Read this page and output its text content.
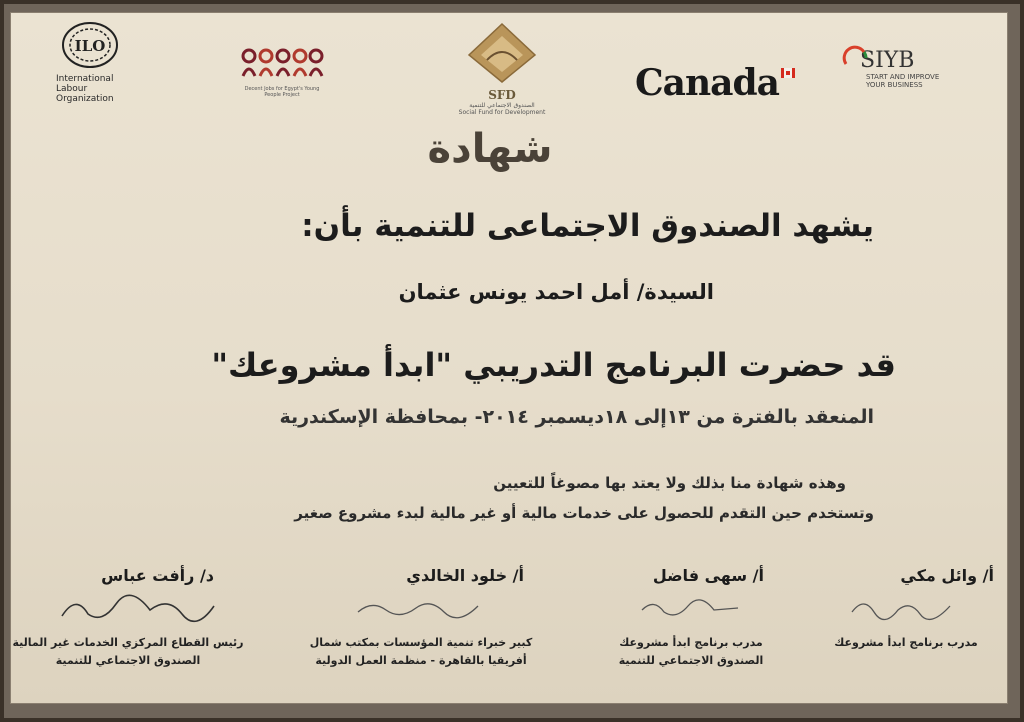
ILO
International
Labour
Organization
Decent Jobs for Egypt's Young People Project	SFD
الصندوق الاجتماعي للتنمية
Social Fund for Development
Canada
SIYB
START AND IMPROVE
YOUR BUSINESS
شهادة
يشهد الصندوق الاجتماعى للتنمية بأن:
السيدة/ أمل احمد يونس عثمان
قد حضرت البرنامج التدريبي "ابدأ مشروعك"
المنعقد بالفترة من ١٣إلى ١٨ديسمبر ٢٠١٤- بمحافظة الإسكندرية
وهذه شهادة منا بذلك ولا يعتد بها مصوغاً للتعيين
وتستخدم حين التقدم للحصول على خدمات مالية أو غير مالية لبدء مشروع صغير
أ/ وائل مكي
مدرب برنامج ابدأ مشروعك
أ/ سهى فاضل
مدرب برنامج ابدأ مشروعك
الصندوق الاجتماعي للتنمية
أ/ خلود الخالدي
كبير خبراء تنمية المؤسسات بمكتب شمال
أفريقيا بالقاهرة - منظمة العمل الدولية
د/ رأفت عباس
رئيس القطاع المركزي الخدمات غير المالية
الصندوق الاجتماعي للتنمية
